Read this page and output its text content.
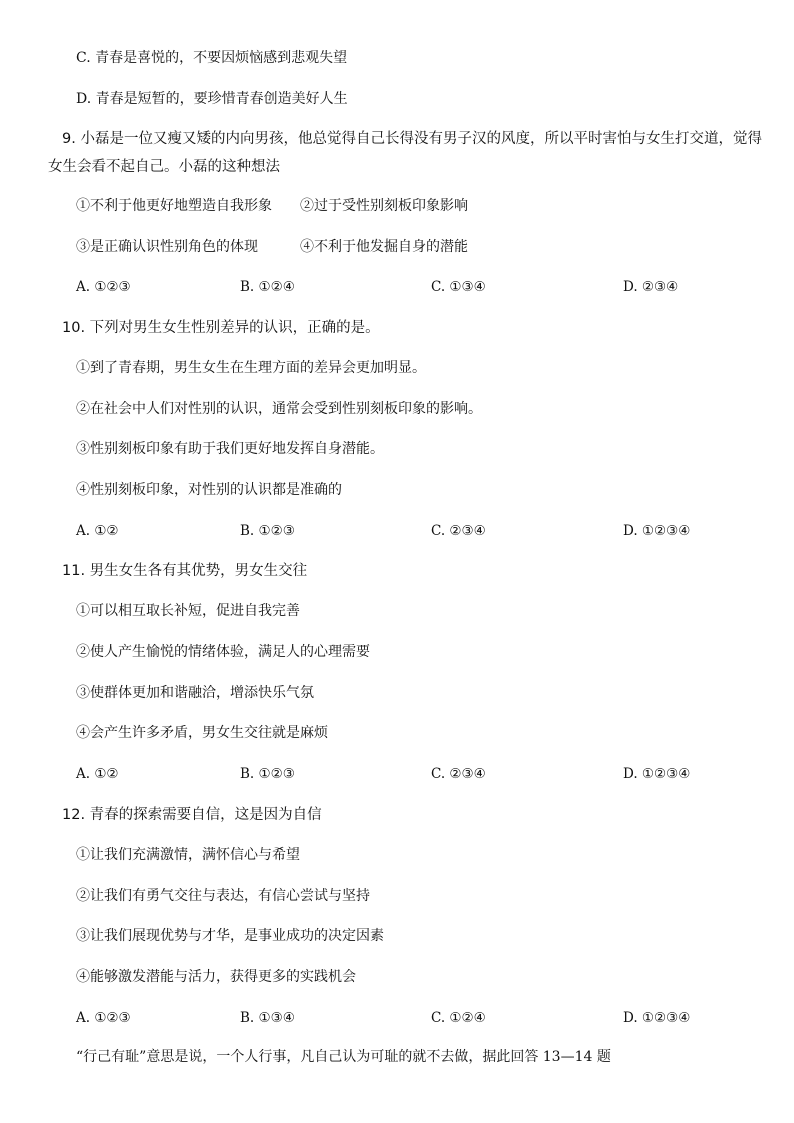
C. 青春是喜悦的，不要因烦恼感到悲观失望
D. 青春是短暂的，要珍惜青春创造美好人生
9. 小磊是一位又瘦又矮的内向男孩，他总觉得自己长得没有男子汉的风度，所以平时害怕与女生打交道，觉得
女生会看不起自己。小磊的这种想法
①不利于他更好地塑造自我形象 ②过于受性别刻板印象影响
③是正确认识性别角色的体现	④不利于他发掘自身的潜能
A. ①②③	B. ①②④	C. ①③④	D. ②③④
10. 下列对男生女生性别差异的认识，正确的是。
①到了青春期，男生女生在生理方面的差异会更加明显。
②在社会中人们对性别的认识，通常会受到性别刻板印象的影响。
③性别刻板印象有助于我们更好地发挥自身潜能。
④性别刻板印象，对性别的认识都是准确的
A. ①②	B. ①②③	C. ②③④	D. ①②③④
11. 男生女生各有其优势，男女生交往
①可以相互取长补短，促进自我完善
②使人产生愉悦的情绪体验，满足人的心理需要
③使群体更加和谐融洽，增添快乐气氛
④会产生许多矛盾，男女生交往就是麻烦
A. ①②	B. ①②③	C. ②③④	D. ①②③④
12. 青春的探索需要自信，这是因为自信
①让我们充满激情，满怀信心与希望
②让我们有勇气交往与表达，有信心尝试与坚持
③让我们展现优势与才华，是事业成功的决定因素
④能够激发潜能与活力，获得更多的实践机会
A. ①②③	B. ①③④	C. ①②④	D. ①②③④
“行己有耻”意思是说，一个人行事，凡自己认为可耻的就不去做，据此回答 13—14 题
